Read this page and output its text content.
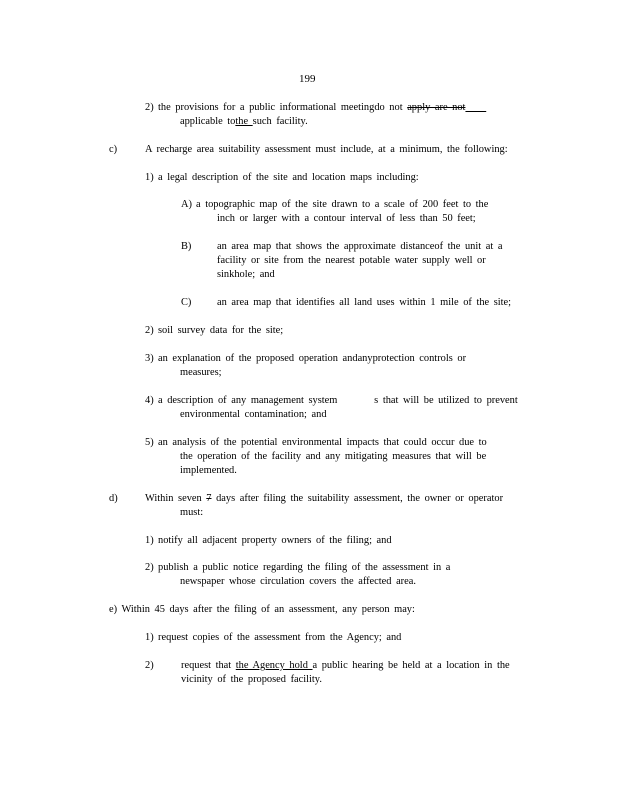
199
2) the provisions for a public informational meetingdo not apply are not    
applicable tothe such facility.
c)	A recharge area suitability assessment must include, at a minimum, the following:
1) a legal description of the site and location maps including:
A) a topographic map of the site drawn to a scale of 200 feet to the
inch or larger with a contour interval of less than 50 feet;
B) an area map that shows the approximate distanceof the unit at a
facility or site from the nearest potable water supply well or
sinkhole; and
C) an area map that identifies all land uses within 1 mile of the site;
2) soil survey data for the site;
3) an explanation of the proposed operation andanyprotection controls or
measures;
4) a description of any management system	s that will be utilized to prevent
environmental contamination; and
5) an analysis of the potential environmental impacts that could occur due to
the operation of the facility and any mitigating measures that will be
implemented.
d)	Within seven 7 days after filing the suitability assessment, the owner or operator
must:
1) notify all adjacent property owners of the filing; and
2) publish a public notice regarding the filing of the assessment in a
newspaper whose circulation covers the affected area.
e) Within 45 days after the filing of an assessment, any person may:
1) request copies of the assessment from the Agency; and
2)	request that the Agency hold a public hearing be held at a location in the
vicinity of the proposed facility.
